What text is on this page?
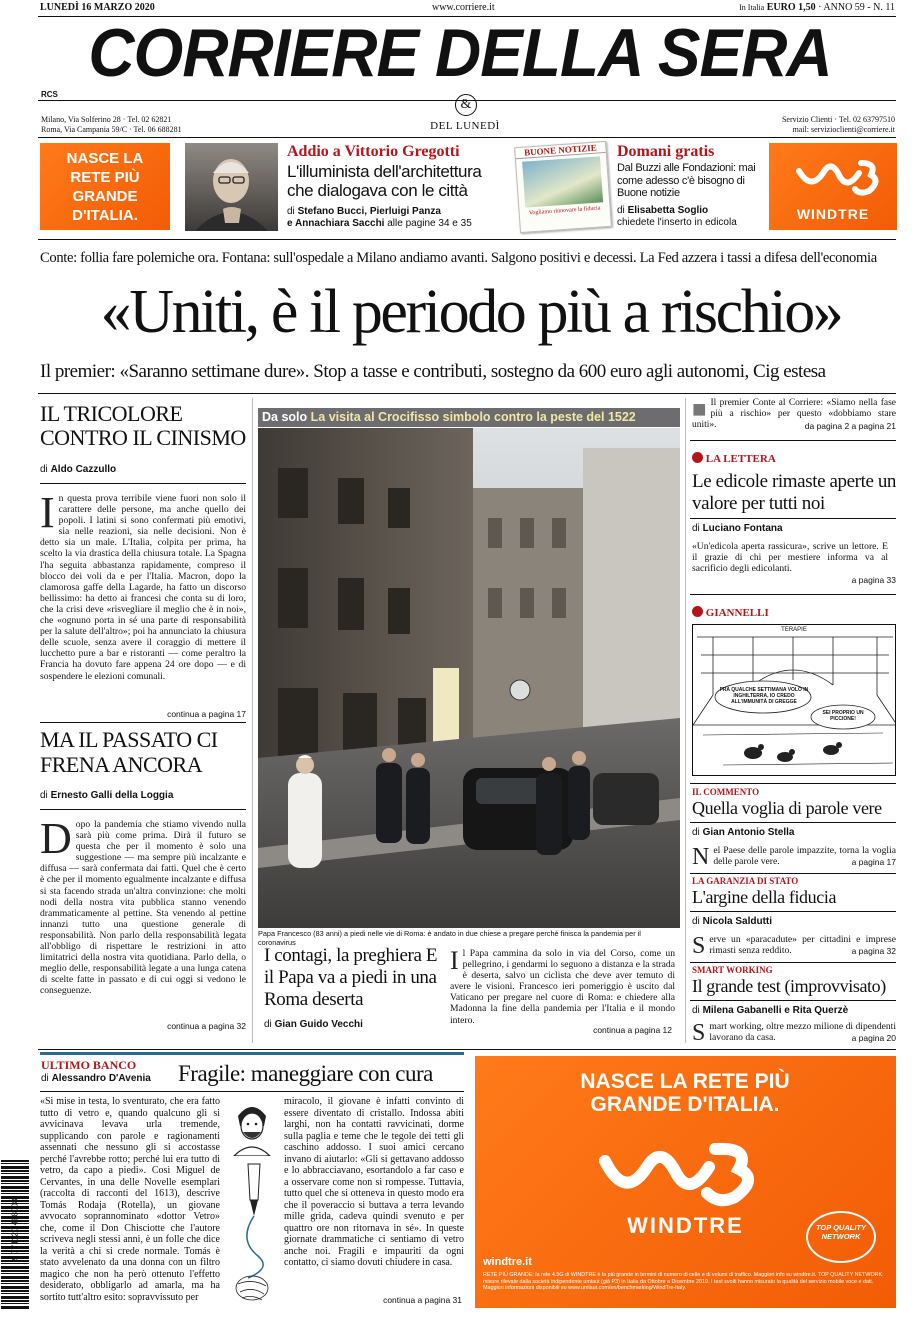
LUNEDÌ 16 MARZO 2020	www.corriere.it	In Italia EURO 1,50 · ANNO 59 - N. 11
CORRIERE DELLA SERA
RCS
Milano, Via Solferino 28 · Tel. 02 62821
Roma, Via Campania 59/C · Tel. 06 688281
&
DEL LUNEDÌ
Servizio Clienti · Tel. 02 63797510
mail: servizioclienti@corriere.it
NASCE LA RETE PIÙ GRANDE D'ITALIA.
Addio a Vittorio Gregotti
L'illuminista dell'architettura che dialogava con le città
di Stefano Bucci, Pierluigi Panza
e Annachiara Sacchi alle pagine 34 e 35
BUONE NOTIZIE
Vogliamo rinnovare la fiducia
Domani gratis
Dal Buzzi alle Fondazioni: mai come adesso c'è bisogno di Buone notizie
di Elisabetta Soglio
chiedete l'inserto in edicola
WINDTRE
Conte: follia fare polemiche ora. Fontana: sull'ospedale a Milano andiamo avanti. Salgono positivi e decessi. La Fed azzera i tassi a difesa dell'economia
«Uniti, è il periodo più a rischio»
Il premier: «Saranno settimane dure». Stop a tasse e contributi, sostegno da 600 euro agli autonomi, Cig estesa
IL TRICOLORE CONTRO IL CINISMO
di Aldo Cazzullo
In questa prova terribile viene fuori non solo il carattere delle persone, ma anche quello dei popoli. I latini si sono confermati più emotivi, sia nelle reazioni, sia nelle decisioni. Non è detto sia un male. L'Italia, colpita per prima, ha scelto la via drastica della chiusura totale. La Spagna l'ha seguita abbastanza rapidamente, compreso il blocco dei voli da e per l'Italia. Macron, dopo la clamorosa gaffe della Lagarde, ha fatto un discorso bellissimo: ha detto ai francesi che conta su di loro, che la crisi deve «risvegliare il meglio che è in noi», che «ognuno porta in sé una parte di responsabilità per la salute dell'altro»; poi ha annunciato la chiusura delle scuole, senza avere il coraggio di mettere il lucchetto pure a bar e ristoranti — come peraltro la Francia ha dovuto fare appena 24 ore dopo — e di sospendere le elezioni comunali.
continua a pagina 17
MA IL PASSATO CI FRENA ANCORA
di Ernesto Galli della Loggia
Dopo la pandemia che stiamo vivendo nulla sarà più come prima. Dirà il futuro se questa che per il momento è solo una suggestione — ma sempre più incalzante e diffusa — sarà confermata dai fatti. Quel che è certo è che per il momento egualmente incalzante e diffusa si sta facendo strada un'altra convinzione: che molti nodi della nostra vita pubblica stanno venendo drammaticamente al pettine. Sta venendo al pettine innanzi tutto una questione generale di responsabilità. Non parlo della responsabilità legata all'obbligo di rispettare le restrizioni in atto limitatrici della nostra vita quotidiana. Parlo della, o meglio delle, responsabilità legate a una lunga catena di scelte fatte in passato e di cui oggi si vedono le conseguenze.
continua a pagina 32
Da solo La visita al Crocifisso simbolo contro la peste del 1522
Papa Francesco (83 anni) a piedi nelle vie di Roma: è andato in due chiese a pregare perché finisca la pandemia per il coronavirus
I contagi, la preghiera E il Papa va a piedi in una Roma deserta
di Gian Guido Vecchi
Il Papa cammina da solo in via del Corso, come un pellegrino, i gendarmi lo seguono a distanza e la strada è deserta, salvo un ciclista che deve aver temuto di avere le visioni. Francesco ieri pomeriggio è uscito dal Vaticano per pregare nel cuore di Roma: e chiedere alla Madonna la fine della pandemia per l'Italia e il mondo intero.
continua a pagina 12
■ Il premier Conte al Corriere: «Siamo nella fase più a rischio» per questo «dobbiamo stare uniti».	da pagina 2 a pagina 21
LA LETTERA
Le edicole rimaste aperte un valore per tutti noi
di Luciano Fontana
«Un'edicola aperta rassicura», scrive un lettore. E il grazie di chi per mestiere informa va al sacrificio degli edicolanti.
a pagina 33
GIANNELLI
TERAPIE
FRA QUALCHE SETTIMANA VOLO IN INGHILTERRA, IO CREDO ALL'IMMUNITÀ DI GREGGE
SEI PROPRIO UN PICCIONE!
IL COMMENTO
Quella voglia di parole vere
di Gian Antonio Stella
Nel Paese delle parole impazzite, torna la voglia delle parole vere.	a pagina 17
LA GARANZIA DI STATO
L'argine della fiducia
di Nicola Saldutti
Serve un «paracadute» per cittadini e imprese rimasti senza reddito.	a pagina 32
SMART WORKING
Il grande test (improvvisato)
di Milena Gabanelli e Rita Querzè
Smart working, oltre mezzo milione di dipendenti lavorano da casa.	a pagina 20
ULTIMO BANCO
di Alessandro D'Avenia Fragile: maneggiare con cura
«Si mise in testa, lo sventurato, che era fatto tutto di vetro e, quando qualcuno gli si avvicinava levava urla tremende, supplicando con parole e ragionamenti assennati che nessuno gli si accostasse perché l'avrebbe rotto; perché lui era tutto di vetro, da capo a piedi». Così Miguel de Cervantes, in una delle Novelle esemplari (raccolta di racconti del 1613), descrive Tomás Rodaja (Rotella), un giovane avvocato soprannominato «dottor Vetro» che, come il Don Chisciotte che l'autore scriveva negli stessi anni, è un folle che dice la verità a chi si crede normale. Tomás è stato avvelenato da una donna con un filtro magico che non ha però ottenuto l'effetto desiderato, obbligarlo ad amarla, ma ha sortito tutt'altro esito: sopravvissuto per
miracolo, il giovane è infatti convinto di essere diventato di cristallo. Indossa abiti larghi, non ha contatti ravvicinati, dorme sulla paglia e teme che le tegole dei tetti gli caschino addosso. I suoi amici cercano invano di aiutarlo: «Gli si gettavano addosso e lo abbracciavano, esortandolo a far caso e a osservare come non si rompesse. Tuttavia, tutto quel che si otteneva in questo modo era che il poveraccio si buttava a terra levando mille grida, cadeva quindi svenuto e per quattro ore non ritornava in sé». In queste giornate drammatiche ci sentiamo di vetro anche noi. Fragili e impauriti da ogni contatto, ci siamo dovuti chiudere in casa.
continua a pagina 31
NASCE LA RETE PIÙ GRANDE D'ITALIA.
WINDTRE	TOP QUALITY NETWORK
windtre.it
RETE PIÙ GRANDE: la rete 4.5G di WINDTRE è la più grande in termini di numero di celle e di volumi di traffico. Maggiori info su windtre.it. TOP QUALITY NETWORK: misure rilevate dalla società indipendente umlaut (già P3) in Italia da Ottobre a Dicembre 2019. I test svolti hanno misurato la qualità del servizio mobile voce e dati. Maggiori informazioni disponibili su www.umlaut.com/en/benchmarking/WindTre-Italy.
9 771120 498008
